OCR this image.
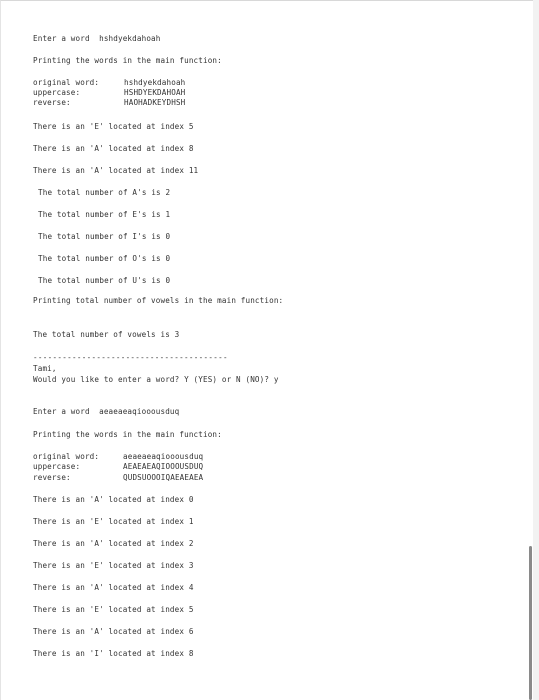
Enter a word  hshdyekdahoah
Printing the words in the main function:
original word:	hshdyekdahoah
uppercase:	HSHDYEKDAHOAH
reverse:	HAOHADKEYDHSH
There is an 'E' located at index 5
There is an 'A' located at index 8
There is an 'A' located at index 11
The total number of A's is 2
The total number of E's is 1
The total number of I's is 0
The total number of O's is 0
The total number of U's is 0
Printing total number of vowels in the main function:
The total number of vowels is 3
----------------------------------------
Tami,
Would you like to enter a word? Y (YES) or N (NO)? y
Enter a word  aeaeaeaqiooousduq
Printing the words in the main function:
original word:	aeaeaeaqiooousduq
uppercase:	AEAEAEAQIOOOUSDUQ
reverse:	QUDSUOOOIQAEAEAEA
There is an 'A' located at index 0
There is an 'E' located at index 1
There is an 'A' located at index 2
There is an 'E' located at index 3
There is an 'A' located at index 4
There is an 'E' located at index 5
There is an 'A' located at index 6
There is an 'I' located at index 8
